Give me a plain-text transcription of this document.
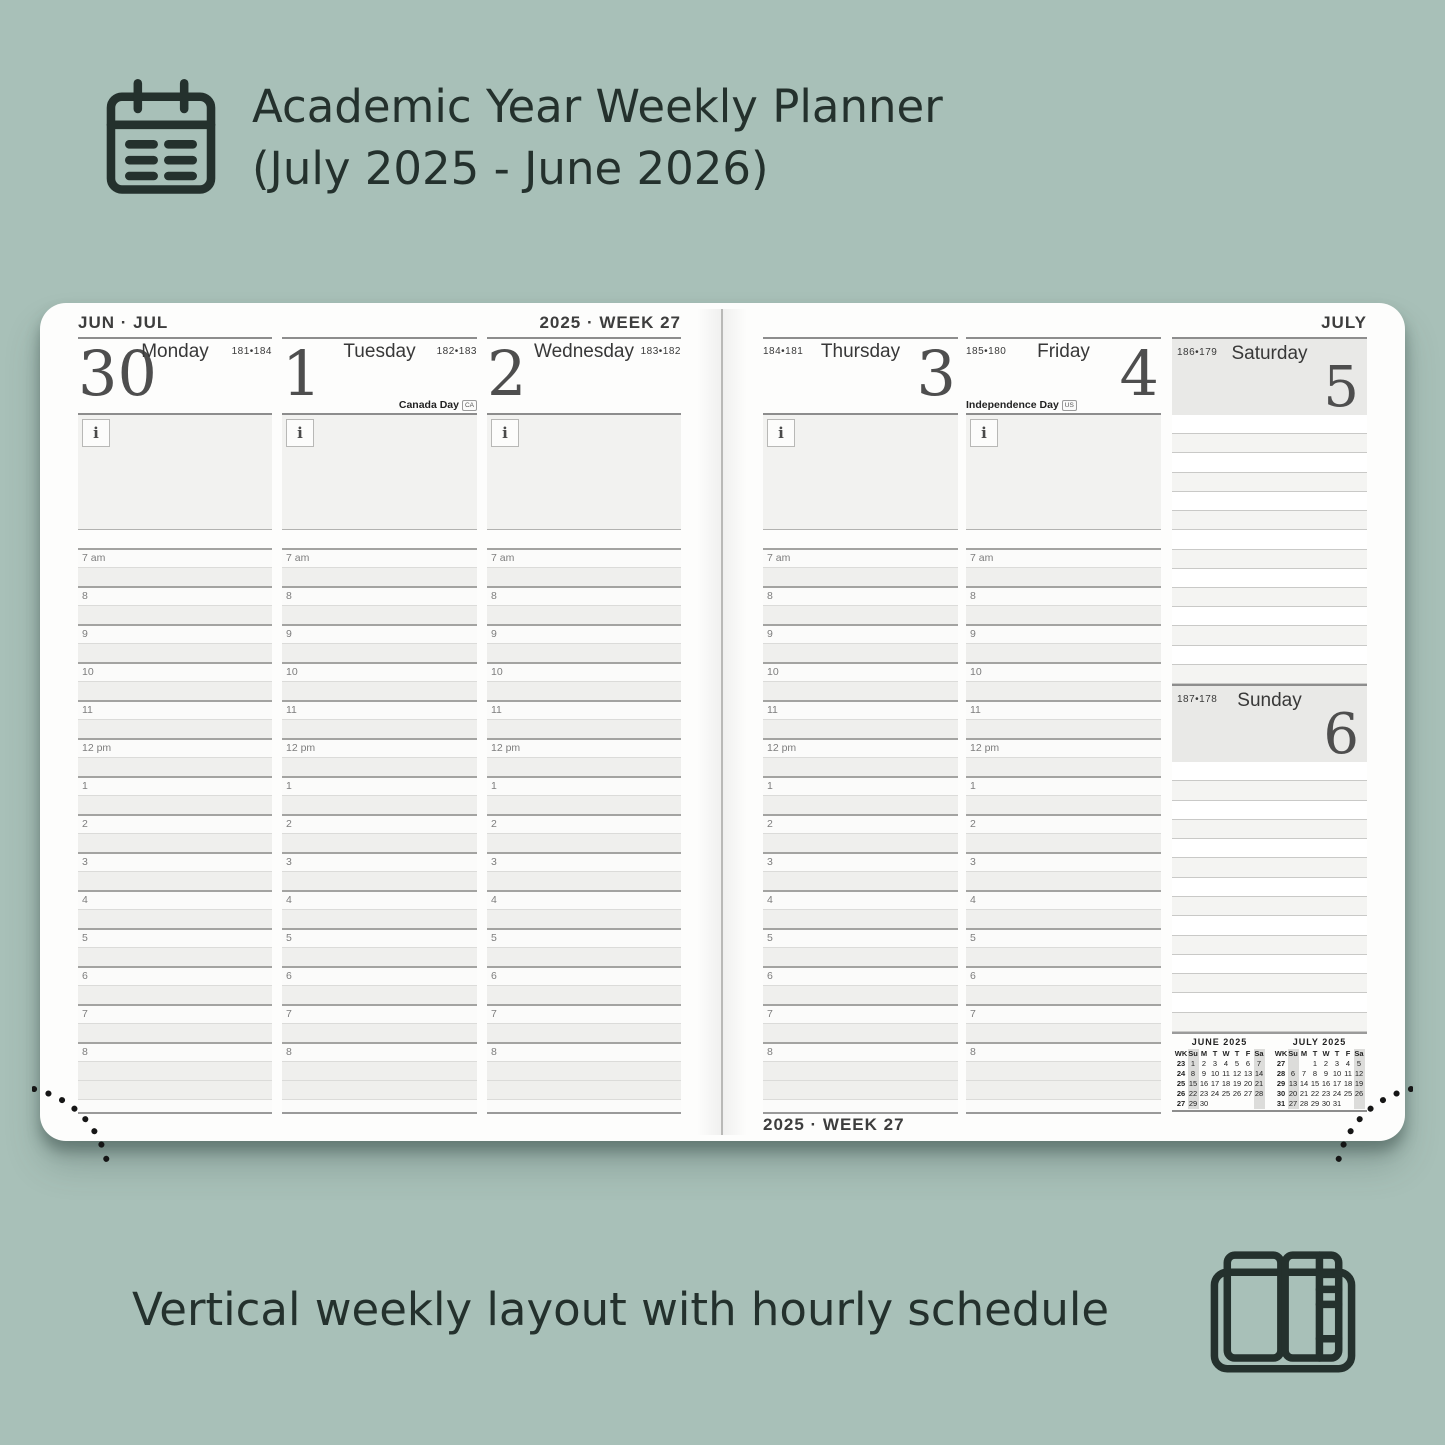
Academic Year Weekly Planner
(July 2025 - June 2026)
JUN · JUL	2025 · WEEK 27	JULY
2025 · WEEK 27
30
Monday	181•184
i
7 am
8
9
10
11
12 pm
1
2
3
4
5
6
7
8
1	Tuesday	182•183
Canada Day CA
i
7 am
8
9
10
11
12 pm
1
2
3
4
5
6
7
8
2 Wednesday 183•182
i
7 am
8
9
10
11
12 pm
1
2
3
4
5
6
7
8
3
Thursday
184•181
i
7 am
8
9
10
11
12 pm
1
2
3
4
5
6
7
8
4
Friday
185•180
Independence Day US
i
7 am
8
9
10
11
12 pm
1
2
3
4
5
6
7
8
186•179 Saturday
5
187•178	Sunday
6
JUNE 2025
WK	Su	M	T	W	T	F	Sa
23	1	2	3	4	5	6	7
24	8	9	10	11	12	13	14
25	15	16	17	18	19	20	21
26	22	23	24	25	26	27	28
27	29	30					
JULY 2025
WK	Su	M	T	W	T	F	Sa
27			1	2	3	4	5
28	6	7	8	9	10	11	12
29	13	14	15	16	17	18	19
30	20	21	22	23	24	25	26
31	27	28	29	30	31		
Vertical weekly layout with hourly schedule
